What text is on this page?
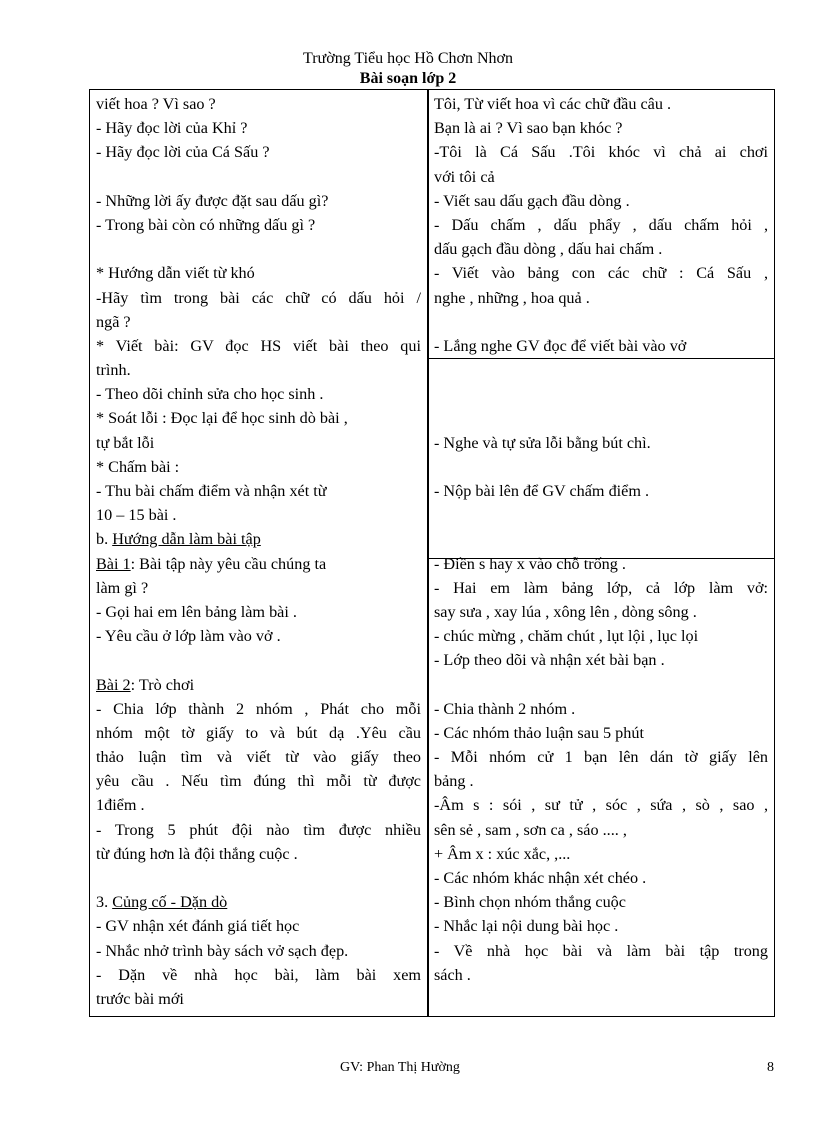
Trường Tiểu học Hồ Chơn Nhơn
Bài soạn lớp 2
viết hoa ? Vì sao ?
- Hãy đọc lời của Khỉ ?
- Hãy đọc lời của Cá Sấu ?
- Những lời ấy được đặt sau dấu gì?
- Trong bài còn có những dấu gì ?
* Hướng dẫn viết từ khó
-Hãy tìm trong bài các chữ có dấu hỏi /
ngã ?
* Viết bài: GV đọc HS viết bài theo qui
trình.
- Theo dõi chỉnh sửa cho học sinh .
* Soát lỗi : Đọc lại để học sinh dò bài ,
tự bắt lỗi
* Chấm bài :
- Thu bài chấm điểm và nhận xét từ
10 – 15 bài .
b. Hướng dẫn làm bài tập
Bài 1: Bài tập này yêu cầu chúng ta
làm gì ?
- Gọi hai em lên bảng làm bài .
- Yêu cầu ở lớp làm vào vở .
Bài 2: Trò chơi
- Chia lớp thành 2 nhóm , Phát cho mỗi
nhóm một tờ giấy to và bút dạ .Yêu cầu
thảo luận tìm và viết từ vào giấy theo
yêu cầu . Nếu tìm đúng thì mỗi từ được
1điểm .
- Trong 5 phút đội nào tìm được nhiều
từ đúng hơn là đội thắng cuộc .
3. Củng cố - Dặn dò
- GV nhận xét đánh giá tiết học
- Nhắc nhở trình bày sách vở sạch đẹp.
- Dặn về nhà học bài, làm bài xem
trước bài mới
Tôi, Từ viết hoa vì các chữ đầu câu .
Bạn là ai ? Vì sao bạn khóc ?
-Tôi là Cá Sấu .Tôi khóc vì chả ai chơi
với tôi cả
- Viết sau dấu gạch đầu dòng .
- Dấu chấm , dấu phẩy , dấu chấm hỏi ,
dấu gạch đầu dòng , dấu hai chấm .
- Viết vào bảng con các chữ : Cá Sấu ,
nghe , những , hoa quả .
- Lắng nghe GV đọc để viết bài vào vở
- Nghe và tự sửa lỗi bằng bút chì.
- Nộp bài lên để GV chấm điểm .
- Điền s hay x vào chỗ trống .
- Hai em làm bảng lớp, cả lớp làm vở:
say sưa , xay lúa , xông lên , dòng sông .
- chúc mừng , chăm chút , lụt lội , lục lọi
- Lớp theo dõi và nhận xét bài bạn .
- Chia thành 2 nhóm .
- Các nhóm thảo luận sau 5 phút
- Mỗi nhóm cử 1 bạn lên dán tờ giấy lên
bảng .
-Âm s : sói , sư tử , sóc , sứa , sò , sao ,
sên sẻ , sam , sơn ca , sáo .... ,
+ Âm x : xúc xắc, ,...
- Các nhóm khác nhận xét chéo .
- Bình chọn nhóm thắng cuộc
- Nhắc lại nội dung bài học .
- Về nhà học bài và làm bài tập trong
sách .
GV: Phan Thị Hường	8
